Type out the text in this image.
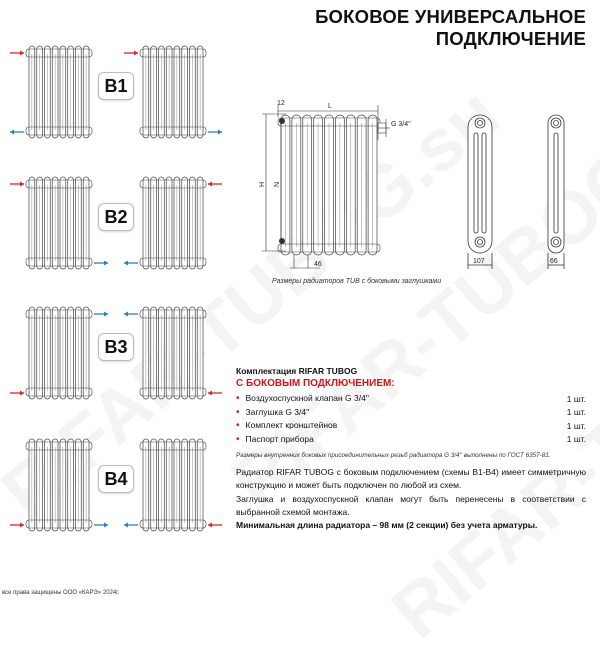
БОКОВОЕ УНИВЕРСАЛЬНОЕ
ПОДКЛЮЧЕНИЕ
B1
B2
B3
B4
12	L
H N
G 3/4''
46	107	66
Размеры радиаторов TUB с боковыми заглушками
Комплектация RIFAR TUBOG
С БОКОВЫМ ПОДКЛЮЧЕНИЕМ:
• Воздухоспускной клапан G 3/4''	1 шт.
• Заглушка G 3/4''	1 шт.
• Комплект кронштейнов	1 шт.
• Паспорт прибора	1 шт.
Размеры внутренних боковых присоединительных резьб радиатора G 3/4'' выполнены по ГОСТ 6357-81.
Радиатор RIFAR TUBOG с боковым подключением (схемы B1-B4) имеет симметричную конструкцию и может быть подключен по любой из схем.
Заглушка и воздухоспускной клапан могут быть перенесены в соответствии с выбранной схемой монтажа.
Минимальная длина радиатора – 98 мм (2 секции) без учета арматуры.
все права защищены ООО «КАРЭ» 2024г.
